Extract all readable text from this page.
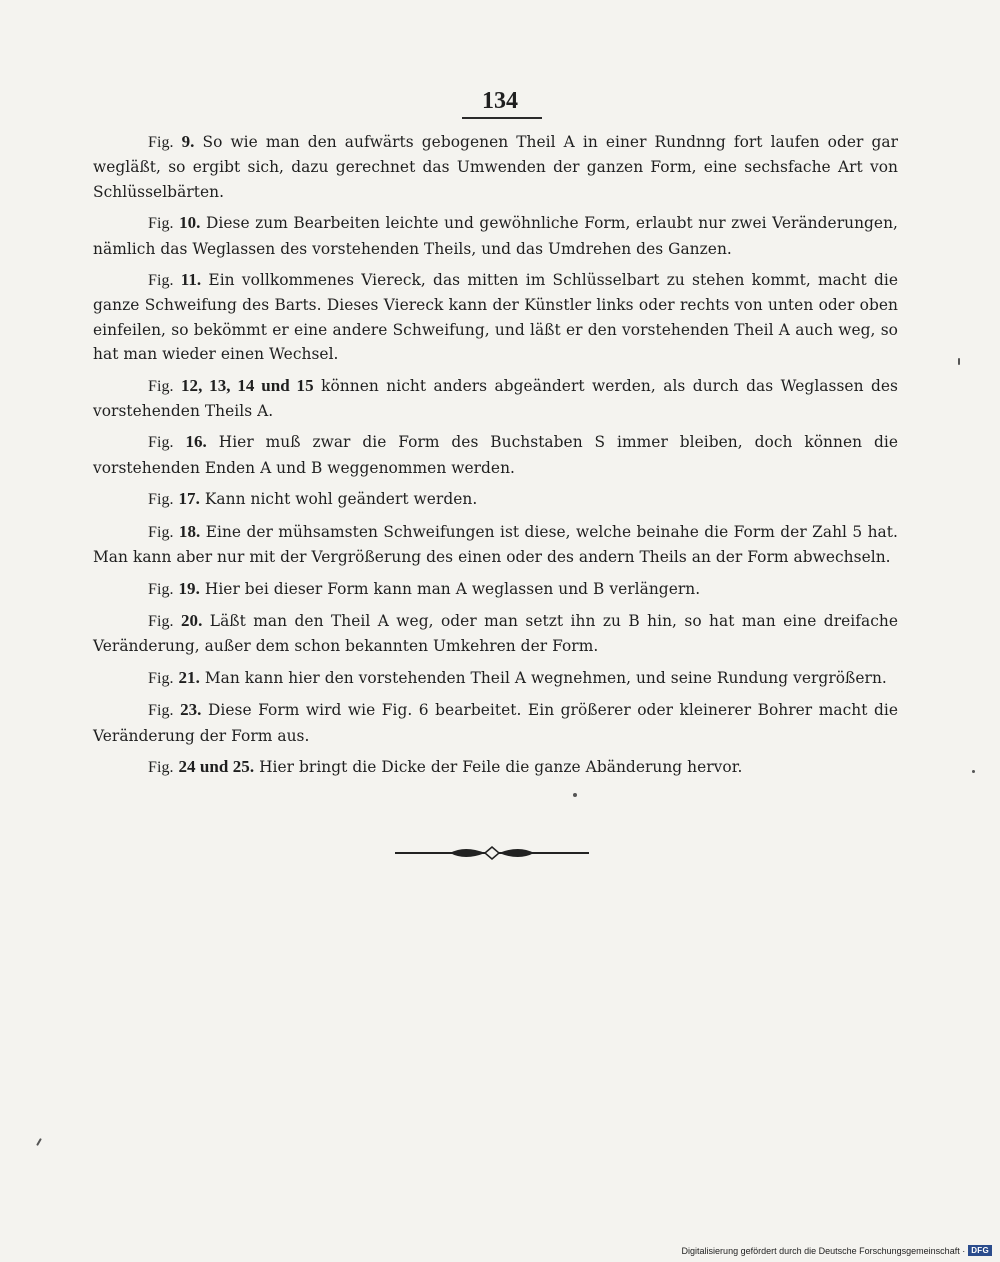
134

Fig. 9. So wie man den aufwärts gebogenen Theil A in einer Rundnng fort laufen oder gar wegläßt, so ergibt sich, dazu gerechnet das Umwenden der ganzen Form, eine sechsfache Art von Schlüsselbärten.

Fig. 10. Diese zum Bearbeiten leichte und gewöhnliche Form, erlaubt nur zwei Veränderungen, nämlich das Weglassen des vorstehenden Theils, und das Umdrehen des Ganzen.

Fig. 11. Ein vollkommenes Viereck, das mitten im Schlüsselbart zu stehen kommt, macht die ganze Schweifung des Barts. Dieses Viereck kann der Künstler links oder rechts von unten oder oben einfeilen, so bekömmt er eine andere Schweifung, und läßt er den vorstehenden Theil A auch weg, so hat man wieder einen Wechsel.

Fig. 12, 13, 14 und 15 können nicht anders abgeändert werden, als durch das Weglassen des vorstehenden Theils A.

Fig. 16. Hier muß zwar die Form des Buchstaben S immer bleiben, doch können die vorstehenden Enden A und B weggenommen werden.

Fig. 17. Kann nicht wohl geändert werden.

Fig. 18. Eine der mühsamsten Schweifungen ist diese, welche beinahe die Form der Zahl 5 hat. Man kann aber nur mit der Vergrößerung des einen oder des andern Theils an der Form abwechseln.

Fig. 19. Hier bei dieser Form kann man A weglassen und B verlängern.

Fig. 20. Läßt man den Theil A weg, oder man setzt ihn zu B hin, so hat man eine dreifache Veränderung, außer dem schon bekannten Umkehren der Form.

Fig. 21. Man kann hier den vorstehenden Theil A wegnehmen, und seine Rundung vergrößern.

Fig. 23. Diese Form wird wie Fig. 6 bearbeitet. Ein größerer oder kleinerer Bohrer macht die Veränderung der Form aus.

Fig. 24 und 25. Hier bringt die Dicke der Feile die ganze Abänderung hervor.

Digitalisierung gefördert durch die Deutsche Forschungsgemeinschaft · DFG
